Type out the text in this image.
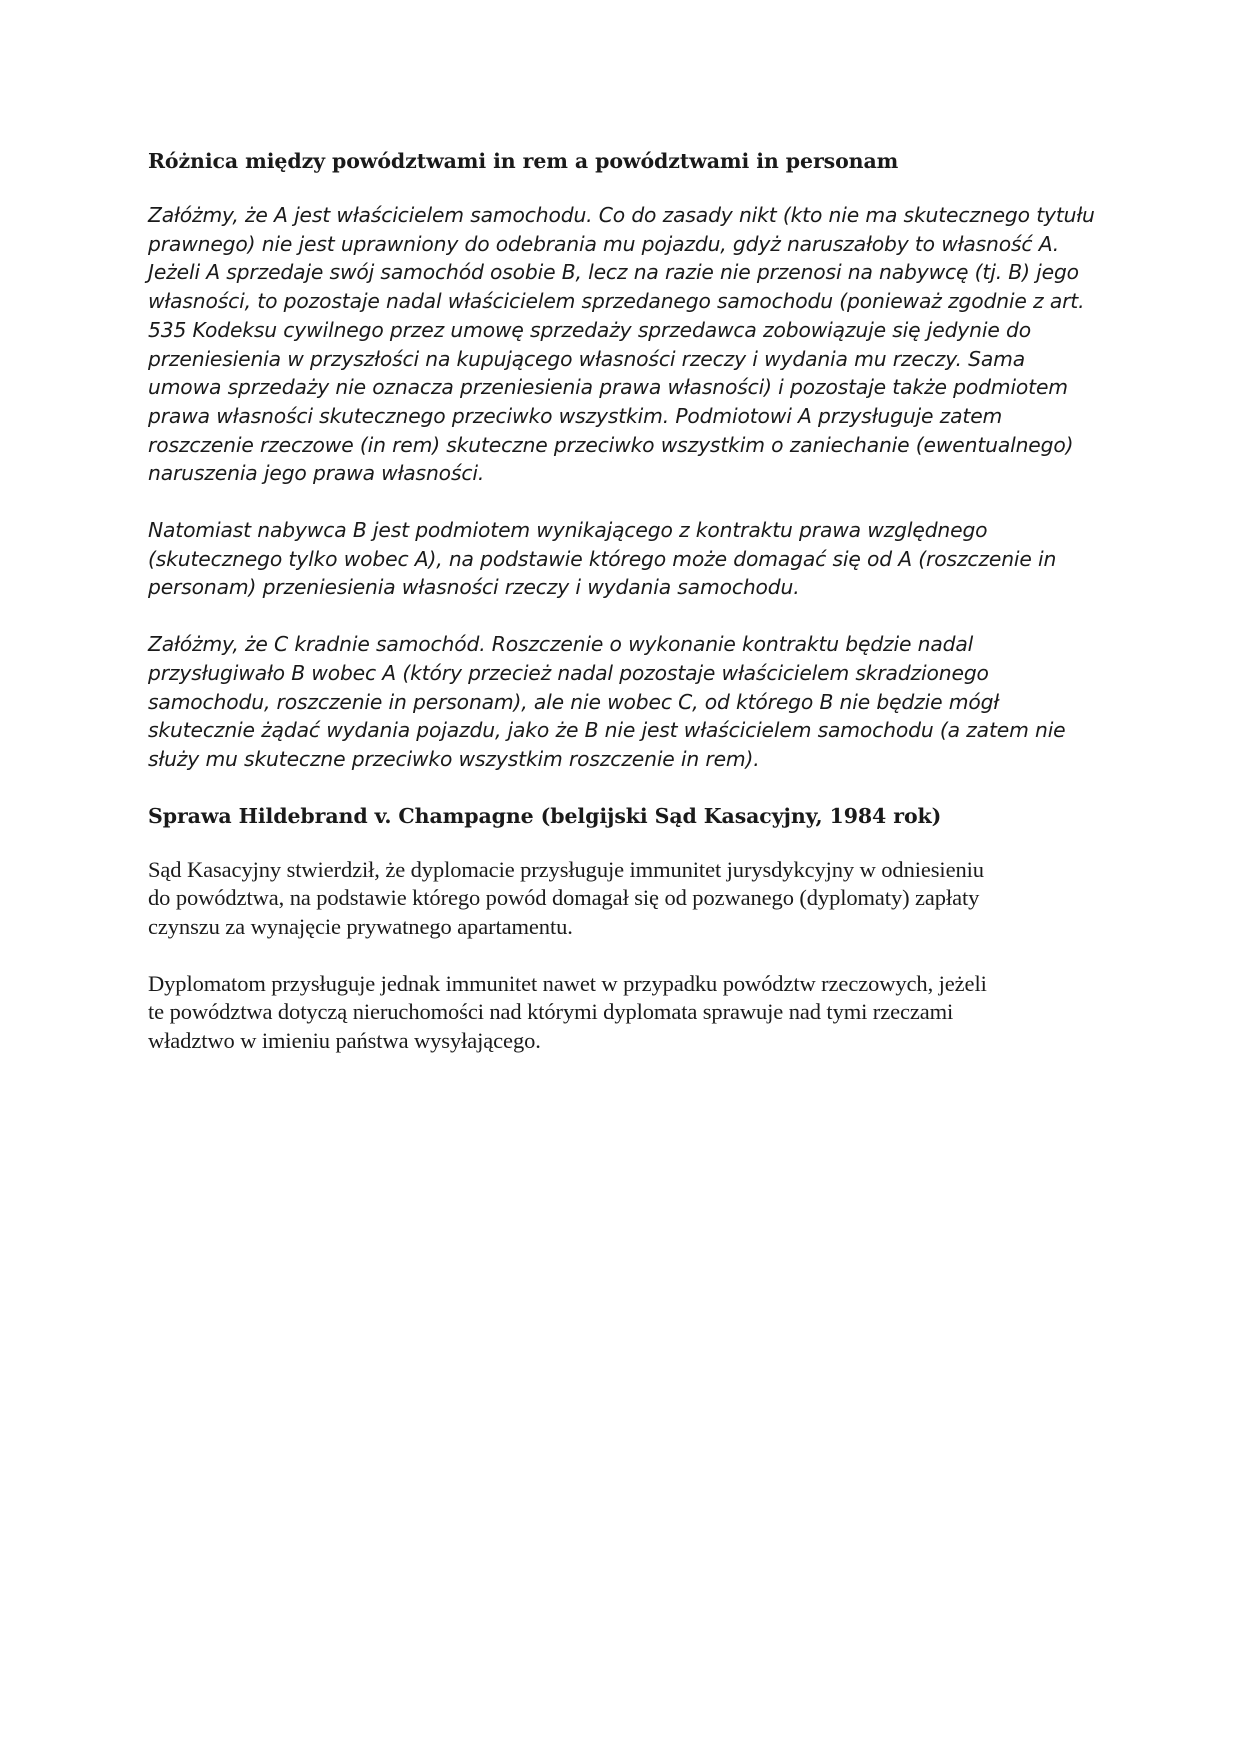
Różnica między powództwami in rem a powództwami in personam

Załóżmy, że A jest właścicielem samochodu. Co do zasady nikt (kto nie ma skutecznego tytułu
prawnego) nie jest uprawniony do odebrania mu pojazdu, gdyż naruszałoby to własność A.
Jeżeli A sprzedaje swój samochód osobie B, lecz na razie nie przenosi na nabywcę (tj. B) jego
własności, to pozostaje nadal właścicielem sprzedanego samochodu (ponieważ zgodnie z art.
535 Kodeksu cywilnego przez umowę sprzedaży sprzedawca zobowiązuje się jedynie do
przeniesienia w przyszłości na kupującego własności rzeczy i wydania mu rzeczy. Sama
umowa sprzedaży nie oznacza przeniesienia prawa własności) i pozostaje także podmiotem
prawa własności skutecznego przeciwko wszystkim. Podmiotowi A przysługuje zatem
roszczenie rzeczowe (in rem) skuteczne przeciwko wszystkim o zaniechanie (ewentualnego)
naruszenia jego prawa własności.

Natomiast nabywca B jest podmiotem wynikającego z kontraktu prawa względnego
(skutecznego tylko wobec A), na podstawie którego może domagać się od A (roszczenie in
personam) przeniesienia własności rzeczy i wydania samochodu.

Załóżmy, że C kradnie samochód. Roszczenie o wykonanie kontraktu będzie nadal
przysługiwało B wobec A (który przecież nadal pozostaje właścicielem skradzionego
samochodu, roszczenie in personam), ale nie wobec C, od którego B nie będzie mógł
skutecznie żądać wydania pojazdu, jako że B nie jest właścicielem samochodu (a zatem nie
służy mu skuteczne przeciwko wszystkim roszczenie in rem).

Sprawa Hildebrand v. Champagne (belgijski Sąd Kasacyjny, 1984 rok)

Sąd Kasacyjny stwierdził, że dyplomacie przysługuje immunitet jurysdykcyjny w odniesieniu
do powództwa, na podstawie którego powód domagał się od pozwanego (dyplomaty) zapłaty
czynszu za wynajęcie prywatnego apartamentu.

Dyplomatom przysługuje jednak immunitet nawet w przypadku powództw rzeczowych, jeżeli
te powództwa dotyczą nieruchomości nad którymi dyplomata sprawuje nad tymi rzeczami
władztwo w imieniu państwa wysyłającego.
